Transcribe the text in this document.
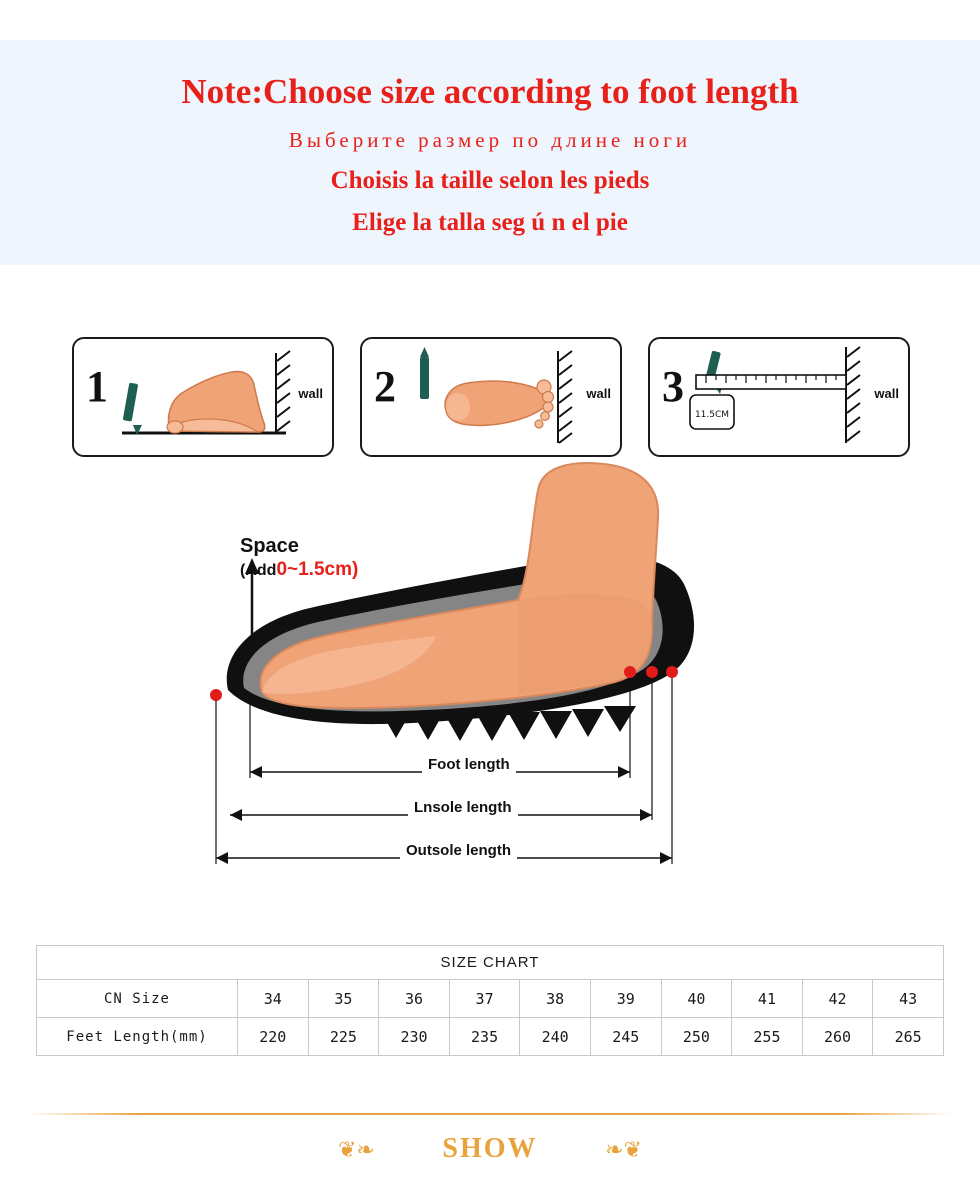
Note:Choose size according to foot length
Выберите размер по длине ноги
Choisis la taille selon les pieds
Elige la talla seg ú n el pie
1	wall 2	wall 3
11.5CM
wall
Space
(Add0~1.5cm)
Foot length
Lnsole length
Outsole length
SIZE CHART										
CN Size	34	35	36	37	38	39	40	41	42	43
Feet Length(mm)	220	225	230	235	240	245	250	255	260	265
❦❧	SHOW	❧❦
